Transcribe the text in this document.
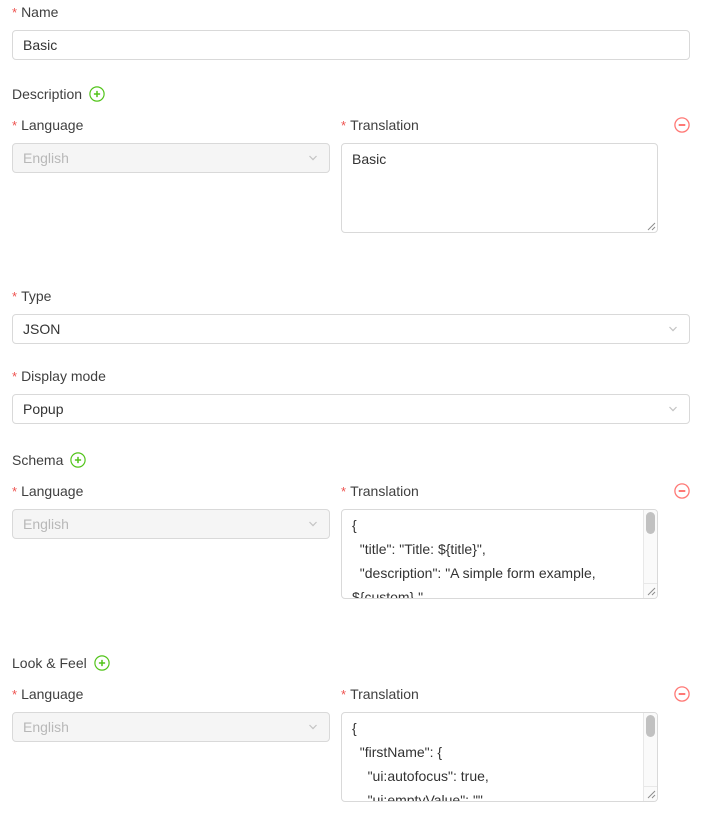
* Name
Basic
Description
* Language
English
* Translation
Basic
* Type
JSON
* Display mode
Popup
Schema
* Language
English
* Translation
{ "title": "Title: ${title}", "description": "A simple form example, ${custom}.",
Look & Feel
* Language
English
* Translation
{ "firstName": { "ui:autofocus": true, "ui:emptyValue": "",
